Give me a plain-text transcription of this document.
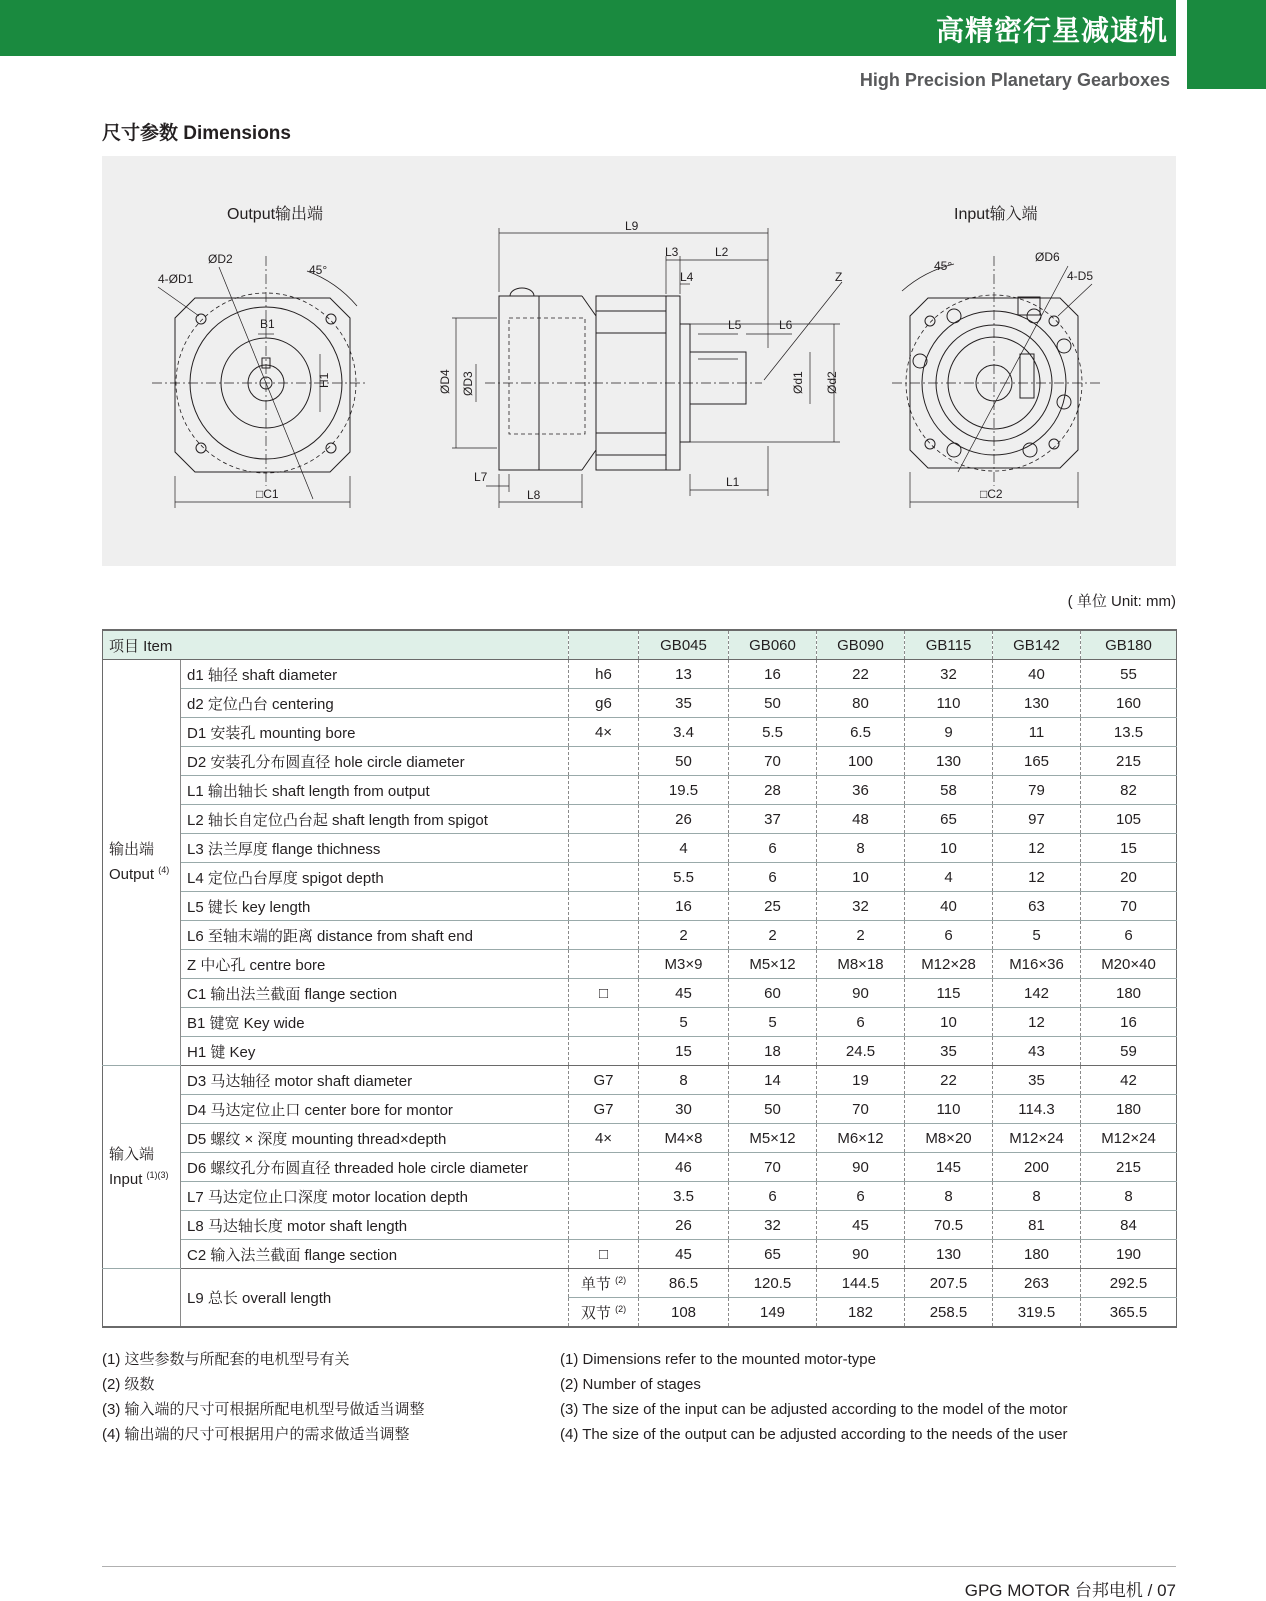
高精密行星减速机
High Precision Planetary Gearboxes
尺寸参数 Dimensions
Output输出端
4-ØD1
ØD2
45°
B1
H1
□C1
L9
L3	L2
L4	Z
L5	L6
ØD4 ØD3	Ød1 Ød2
L7
L8
L1
Input输入端
45°
ØD6
4-D5
□C2
( 单位 Unit: mm)
项目 Item			GB045	GB060	GB090	GB115	GB142	GB180

输出端
Output $^{(4)}$	d1 轴径 shaft diameter	h6	13	16	22	32	40	55
	d2 定位凸台 centering	g6	35	50	80	110	130	160
	D1 安装孔 mounting bore	4×	3.4	5.5	6.5	9	11	13.5
	D2 安装孔分布圆直径 hole circle diameter		50	70	100	130	165	215
	L1 输出轴长 shaft length from output		19.5	28	36	58	79	82
	L2 轴长自定位凸台起 shaft length from spigot		26	37	48	65	97	105
	L3 法兰厚度 flange thichness		4	6	8	10	12	15
	L4 定位凸台厚度 spigot depth		5.5	6	10	4	12	20
	L5 键长 key length		16	25	32	40	63	70
	L6 至轴末端的距离 distance from shaft end		2	2	2	6	5	6
	Z 中心孔 centre bore		M3×9	M5×12	M8×18	M12×28	M16×36	M20×40
	C1 输出法兰截面 flange section	□	45	60	90	115	142	180
	B1 键宽 Key wide		5	5	6	10	12	16
	H1 键 Key		15	18	24.5	35	43	59

输入端
Input $^{(1)(3)}$	D3 马达轴径 motor shaft diameter	G7	8	14	19	22	35	42
	D4 马达定位止口 center bore for montor	G7	30	50	70	110	114.3	180
	D5 螺纹 × 深度 mounting thread×depth	4×	M4×8	M5×12	M6×12	M8×20	M12×24	M12×24
	D6 螺纹孔分布圆直径 threaded hole circle diameter		46	70	90	145	200	215
	L7 马达定位止口深度 motor location depth		3.5	6	6	8	8	8
	L8 马达轴长度 motor shaft length		26	32	45	70.5	81	84
	C2 输入法兰截面 flange section	□	45	65	90	130	180	190
	L9 总长 overall length	单节 $^{(2)}$	86.5	120.5	144.5	207.5	263	292.5
		双节 $^{(2)}$	108	149	182	258.5	319.5	365.5
(1) 这些参数与所配套的电机型号有关
(2) 级数
(3) 输入端的尺寸可根据所配电机型号做适当调整
(4) 输出端的尺寸可根据用户的需求做适当调整
(1) Dimensions refer to the mounted motor-type
(2) Number of stages
(3) The size of the input can be adjusted according to the model of the motor
(4) The size of the output can be adjusted according to the needs of the user
GPG MOTOR 台邦电机 / 07
